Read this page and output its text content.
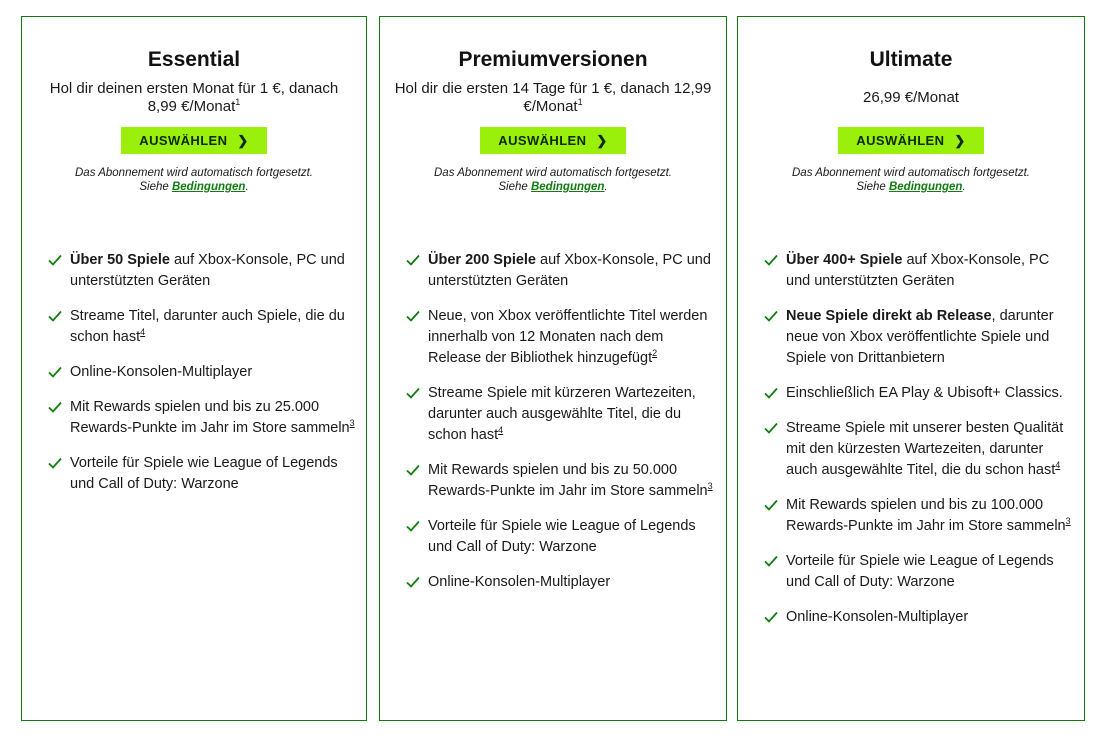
Essential
Hol dir deinen ersten Monat für 1 €, danach 8,99 €/Monat$^1$
AUSWÄHLEN ❯
Das Abonnement wird automatisch fortgesetzt.
Siehe Bedingungen.
Über 50 Spiele auf Xbox-Konsole, PC und unterstützten Geräten
Streame Titel, darunter auch Spiele, die du schon hast$^4$
Online-Konsolen-Multiplayer
Mit Rewards spielen und bis zu 25.000 Rewards-Punkte im Jahr im Store sammeln$^3$
Vorteile für Spiele wie League of Legends und Call of Duty: Warzone
Premiumversionen
Hol dir die ersten 14 Tage für 1 €, danach 12,99 €/Monat$^1$
AUSWÄHLEN ❯
Das Abonnement wird automatisch fortgesetzt.
Siehe Bedingungen.
Über 200 Spiele auf Xbox-Konsole, PC und unterstützten Geräten
Neue, von Xbox veröffentlichte Titel werden innerhalb von 12 Monaten nach dem Release der Bibliothek hinzugefügt$^2$
Streame Spiele mit kürzeren Wartezeiten, darunter auch ausgewählte Titel, die du schon hast$^4$
Mit Rewards spielen und bis zu 50.000 Rewards-Punkte im Jahr im Store sammeln$^3$
Vorteile für Spiele wie League of Legends und Call of Duty: Warzone
Online-Konsolen-Multiplayer
Ultimate
26,99 €/Monat
AUSWÄHLEN ❯
Das Abonnement wird automatisch fortgesetzt.
Siehe Bedingungen.
Über 400+ Spiele auf Xbox-Konsole, PC und unterstützten Geräten
Neue Spiele direkt ab Release, darunter neue von Xbox veröffentlichte Spiele und Spiele von Drittanbietern
Einschließlich EA Play & Ubisoft+ Classics.
Streame Spiele mit unserer besten Qualität mit den kürzesten Wartezeiten, darunter auch ausgewählte Titel, die du schon hast$^4$
Mit Rewards spielen und bis zu 100.000 Rewards-Punkte im Jahr im Store sammeln$^3$
Vorteile für Spiele wie League of Legends und Call of Duty: Warzone
Online-Konsolen-Multiplayer
